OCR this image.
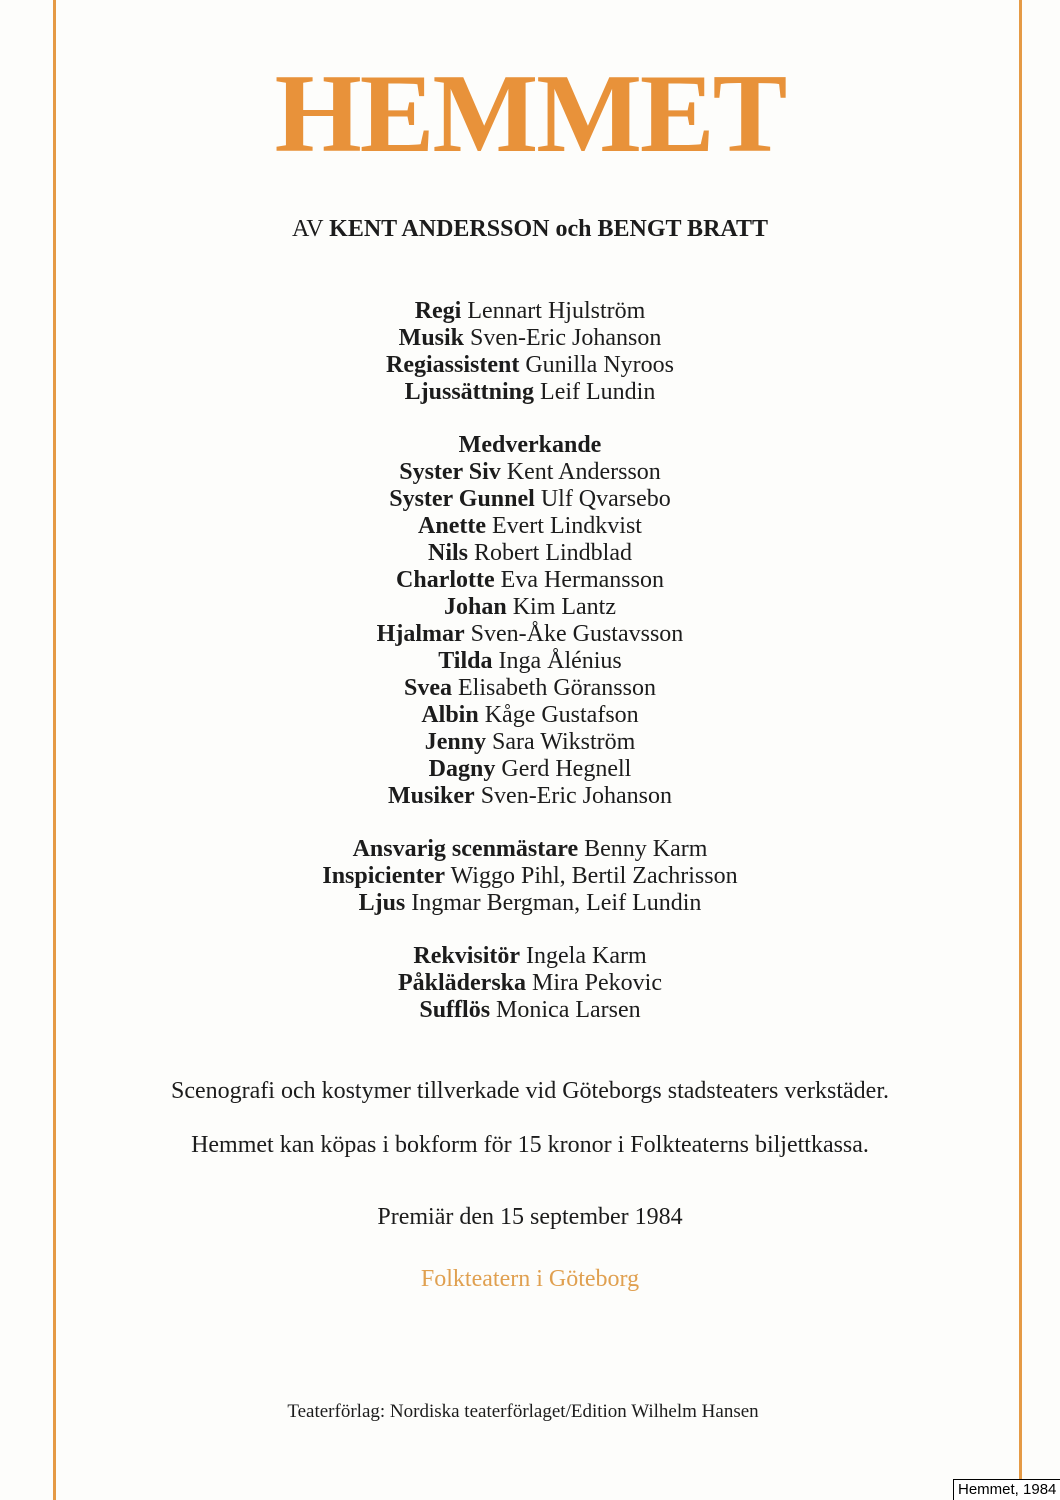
HEMMET
AV KENT ANDERSSON och BENGT BRATT
Regi Lennart Hjulström
Musik Sven-Eric Johanson
Regiassistent Gunilla Nyroos
Ljussättning Leif Lundin
Medverkande
Syster Siv Kent Andersson
Syster Gunnel Ulf Qvarsebo
Anette Evert Lindkvist
Nils Robert Lindblad
Charlotte Eva Hermansson
Johan Kim Lantz
Hjalmar Sven-Åke Gustavsson
Tilda Inga Ålénius
Svea Elisabeth Göransson
Albin Kåge Gustafson
Jenny Sara Wikström
Dagny Gerd Hegnell
Musiker Sven-Eric Johanson
Ansvarig scenmästare Benny Karm
Inspicienter Wiggo Pihl, Bertil Zachrisson
Ljus Ingmar Bergman, Leif Lundin
Rekvisitör Ingela Karm
Påkläderska Mira Pekovic
Sufflös Monica Larsen
Scenografi och kostymer tillverkade vid Göteborgs stadsteaters verkstäder.
Hemmet kan köpas i bokform för 15 kronor i Folkteaterns biljettkassa.
Premiär den 15 september 1984
Folkteatern i Göteborg
Teaterförlag: Nordiska teaterförlaget/Edition Wilhelm Hansen
Hemmet, 1984
